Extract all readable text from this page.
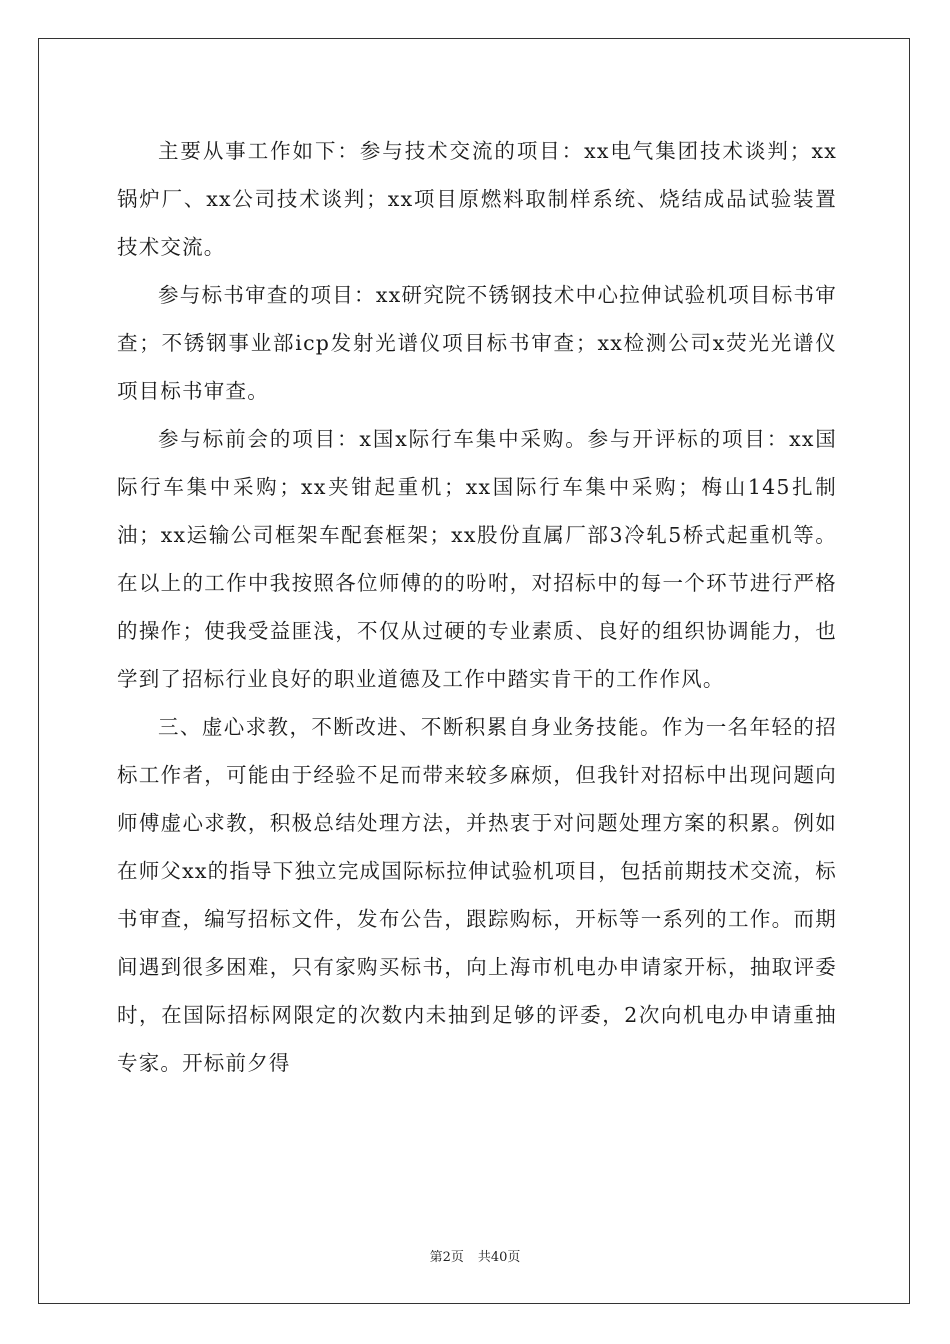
主要从事工作如下：参与技术交流的项目：xx电气集团技术谈判；xx锅炉厂、xx公司技术谈判；xx项目原燃料取制样系统、烧结成品试验装置技术交流。

参与标书审查的项目：xx研究院不锈钢技术中心拉伸试验机项目标书审查；不锈钢事业部icp发射光谱仪项目标书审查；xx检测公司x荧光光谱仪项目标书审查。

参与标前会的项目：x国x际行车集中采购。参与开评标的项目：xx国际行车集中采购；xx夹钳起重机；xx国际行车集中采购；梅山145扎制油；xx运输公司框架车配套框架；xx股份直属厂部3冷轧5桥式起重机等。在以上的工作中我按照各位师傅的的吩咐，对招标中的每一个环节进行严格的操作；使我受益匪浅，不仅从过硬的专业素质、良好的组织协调能力，也学到了招标行业良好的职业道德及工作中踏实肯干的工作作风。

三、虚心求教，不断改进、不断积累自身业务技能。作为一名年轻的招标工作者，可能由于经验不足而带来较多麻烦，但我针对招标中出现问题向师傅虚心求教，积极总结处理方法，并热衷于对问题处理方案的积累。例如在师父xx的指导下独立完成国际标拉伸试验机项目，包括前期技术交流，标书审查，编写招标文件，发布公告，跟踪购标，开标等一系列的工作。而期间遇到很多困难，只有家购买标书，向上海市机电办申请家开标，抽取评委时，在国际招标网限定的次数内未抽到足够的评委，2次向机电办申请重抽专家。开标前夕得

第2页 共40页
